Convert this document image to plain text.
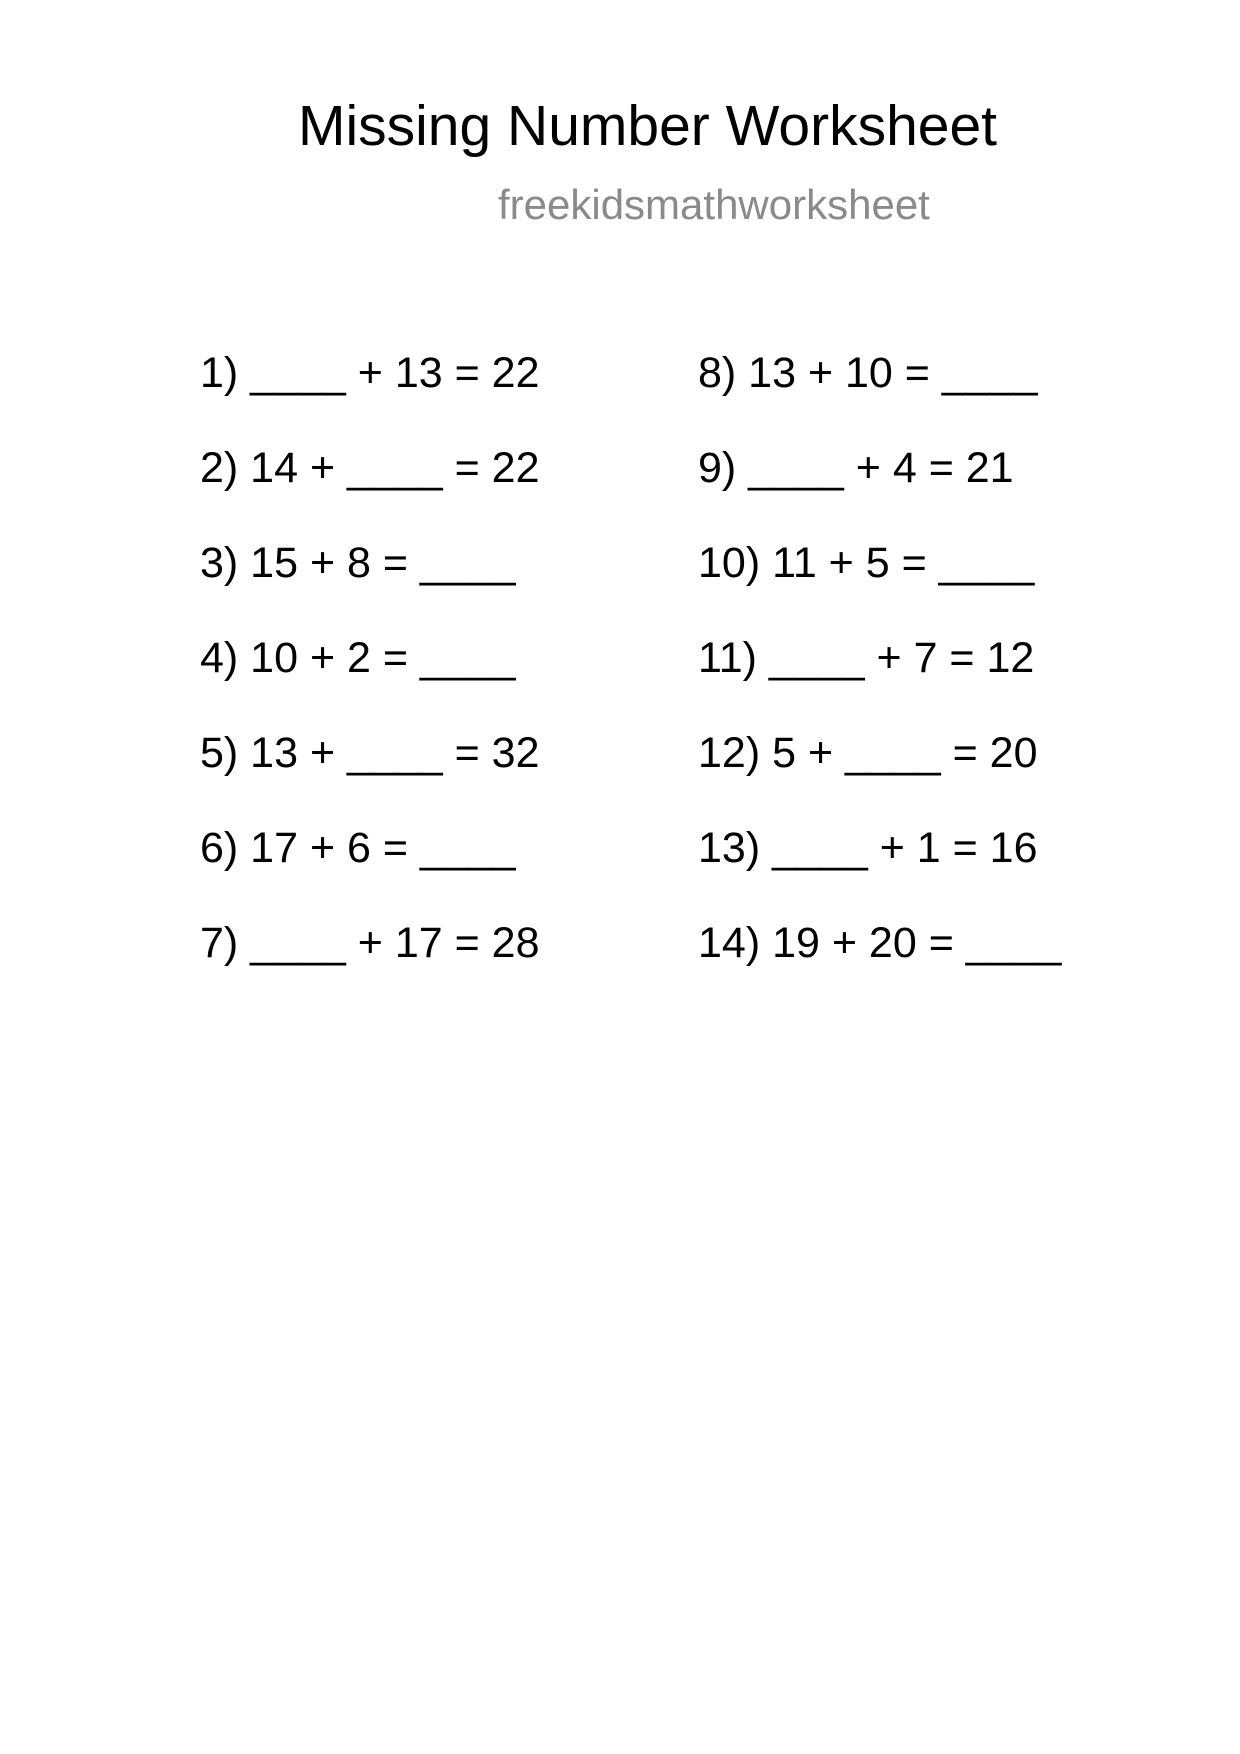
Missing Number Worksheet
freekidsmathworksheet
1) ____ + 13 = 22
2) 14 + ____ = 22
3) 15 + 8 = ____
4) 10 + 2 = ____
5) 13 + ____ = 32
6) 17 + 6 = ____
7) ____ + 17 = 28
8) 13 + 10 = ____
9) ____ + 4 = 21
10) 11 + 5 = ____
11) ____ + 7 = 12
12) 5 + ____ = 20
13) ____ + 1 = 16
14) 19 + 20 = ____
